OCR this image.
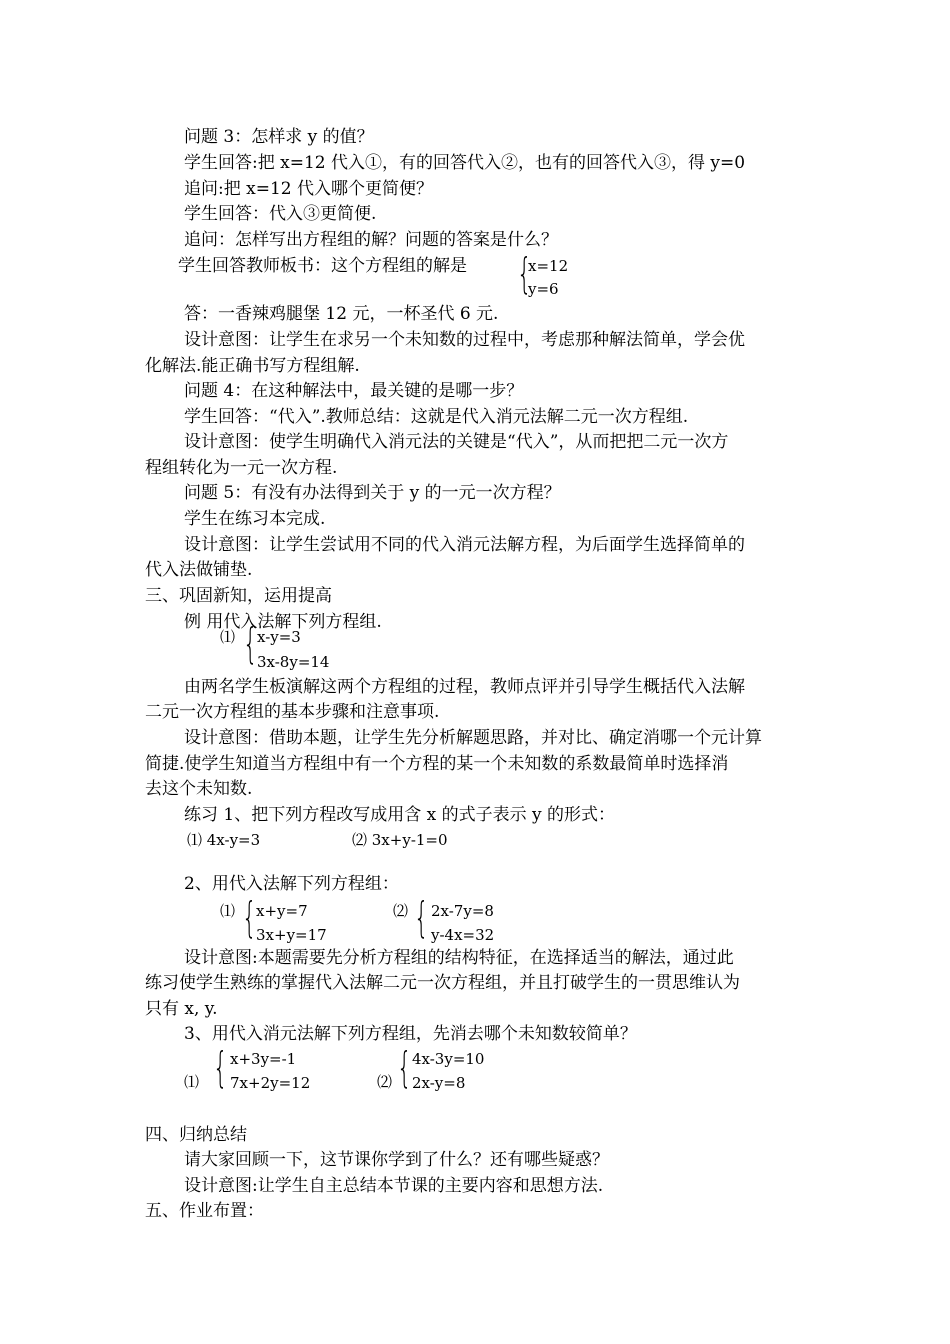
问题 3：怎样求 y 的值？
学生回答:把 x=12 代入①，有的回答代入②，也有的回答代入③，得 y=0
追问:把 x=12 代入哪个更简便？
学生回答：代入③更简便.
追问：怎样写出方程组的解？问题的答案是什么？
学生回答教师板书：这个方程组的解是 {
x=12
y=6
答：一香辣鸡腿堡 12 元，一杯圣代 6 元.
设计意图：让学生在求另一个未知数的过程中，考虑那种解法简单，学会优
化解法.能正确书写方程组解.
问题 4：在这种解法中，最关键的是哪一步？
学生回答：“代入”.教师总结：这就是代入消元法解二元一次方程组.
设计意图：使学生明确代入消元法的关键是“代入”，从而把把二元一次方
程组转化为一元一次方程.
问题 5：有没有办法得到关于 y 的一元一次方程？
学生在练习本完成.
设计意图：让学生尝试用不同的代入消元法解方程，为后面学生选择简单的
代入法做铺垫.
三、巩固新知，运用提高
例 用代入法解下列方程组.
⑴ { x-y=3
3x-8y=14
由两名学生板演解这两个方程组的过程，教师点评并引导学生概括代入法解
二元一次方程组的基本步骤和注意事项.
设计意图：借助本题，让学生先分析解题思路，并对比、确定消哪一个元计算
简捷.使学生知道当方程组中有一个方程的某一个未知数的系数最简单时选择消
去这个未知数.
练习 1、把下列方程改写成用含 x 的式子表示 y 的形式：
⑴ 4x-y=3	⑵ 3x+y-1=0
2、用代入法解下列方程组：
⑴ { x+y=7
3x+y=17
⑵ { 2x-7y=8
y-4x=32
设计意图:本题需要先分析方程组的结构特征，在选择适当的解法，通过此
练习使学生熟练的掌握代入法解二元一次方程组，并且打破学生的一贯思维认为
只有 x, y.
3、用代入消元法解下列方程组，先消去哪个未知数较简单？
⑴ { x+3y=-1
7x+2y=12	⑵ { 4x-3y=10
2x-y=8
四、归纳总结
请大家回顾一下，这节课你学到了什么？还有哪些疑惑？
设计意图:让学生自主总结本节课的主要内容和思想方法.
五、作业布置：
